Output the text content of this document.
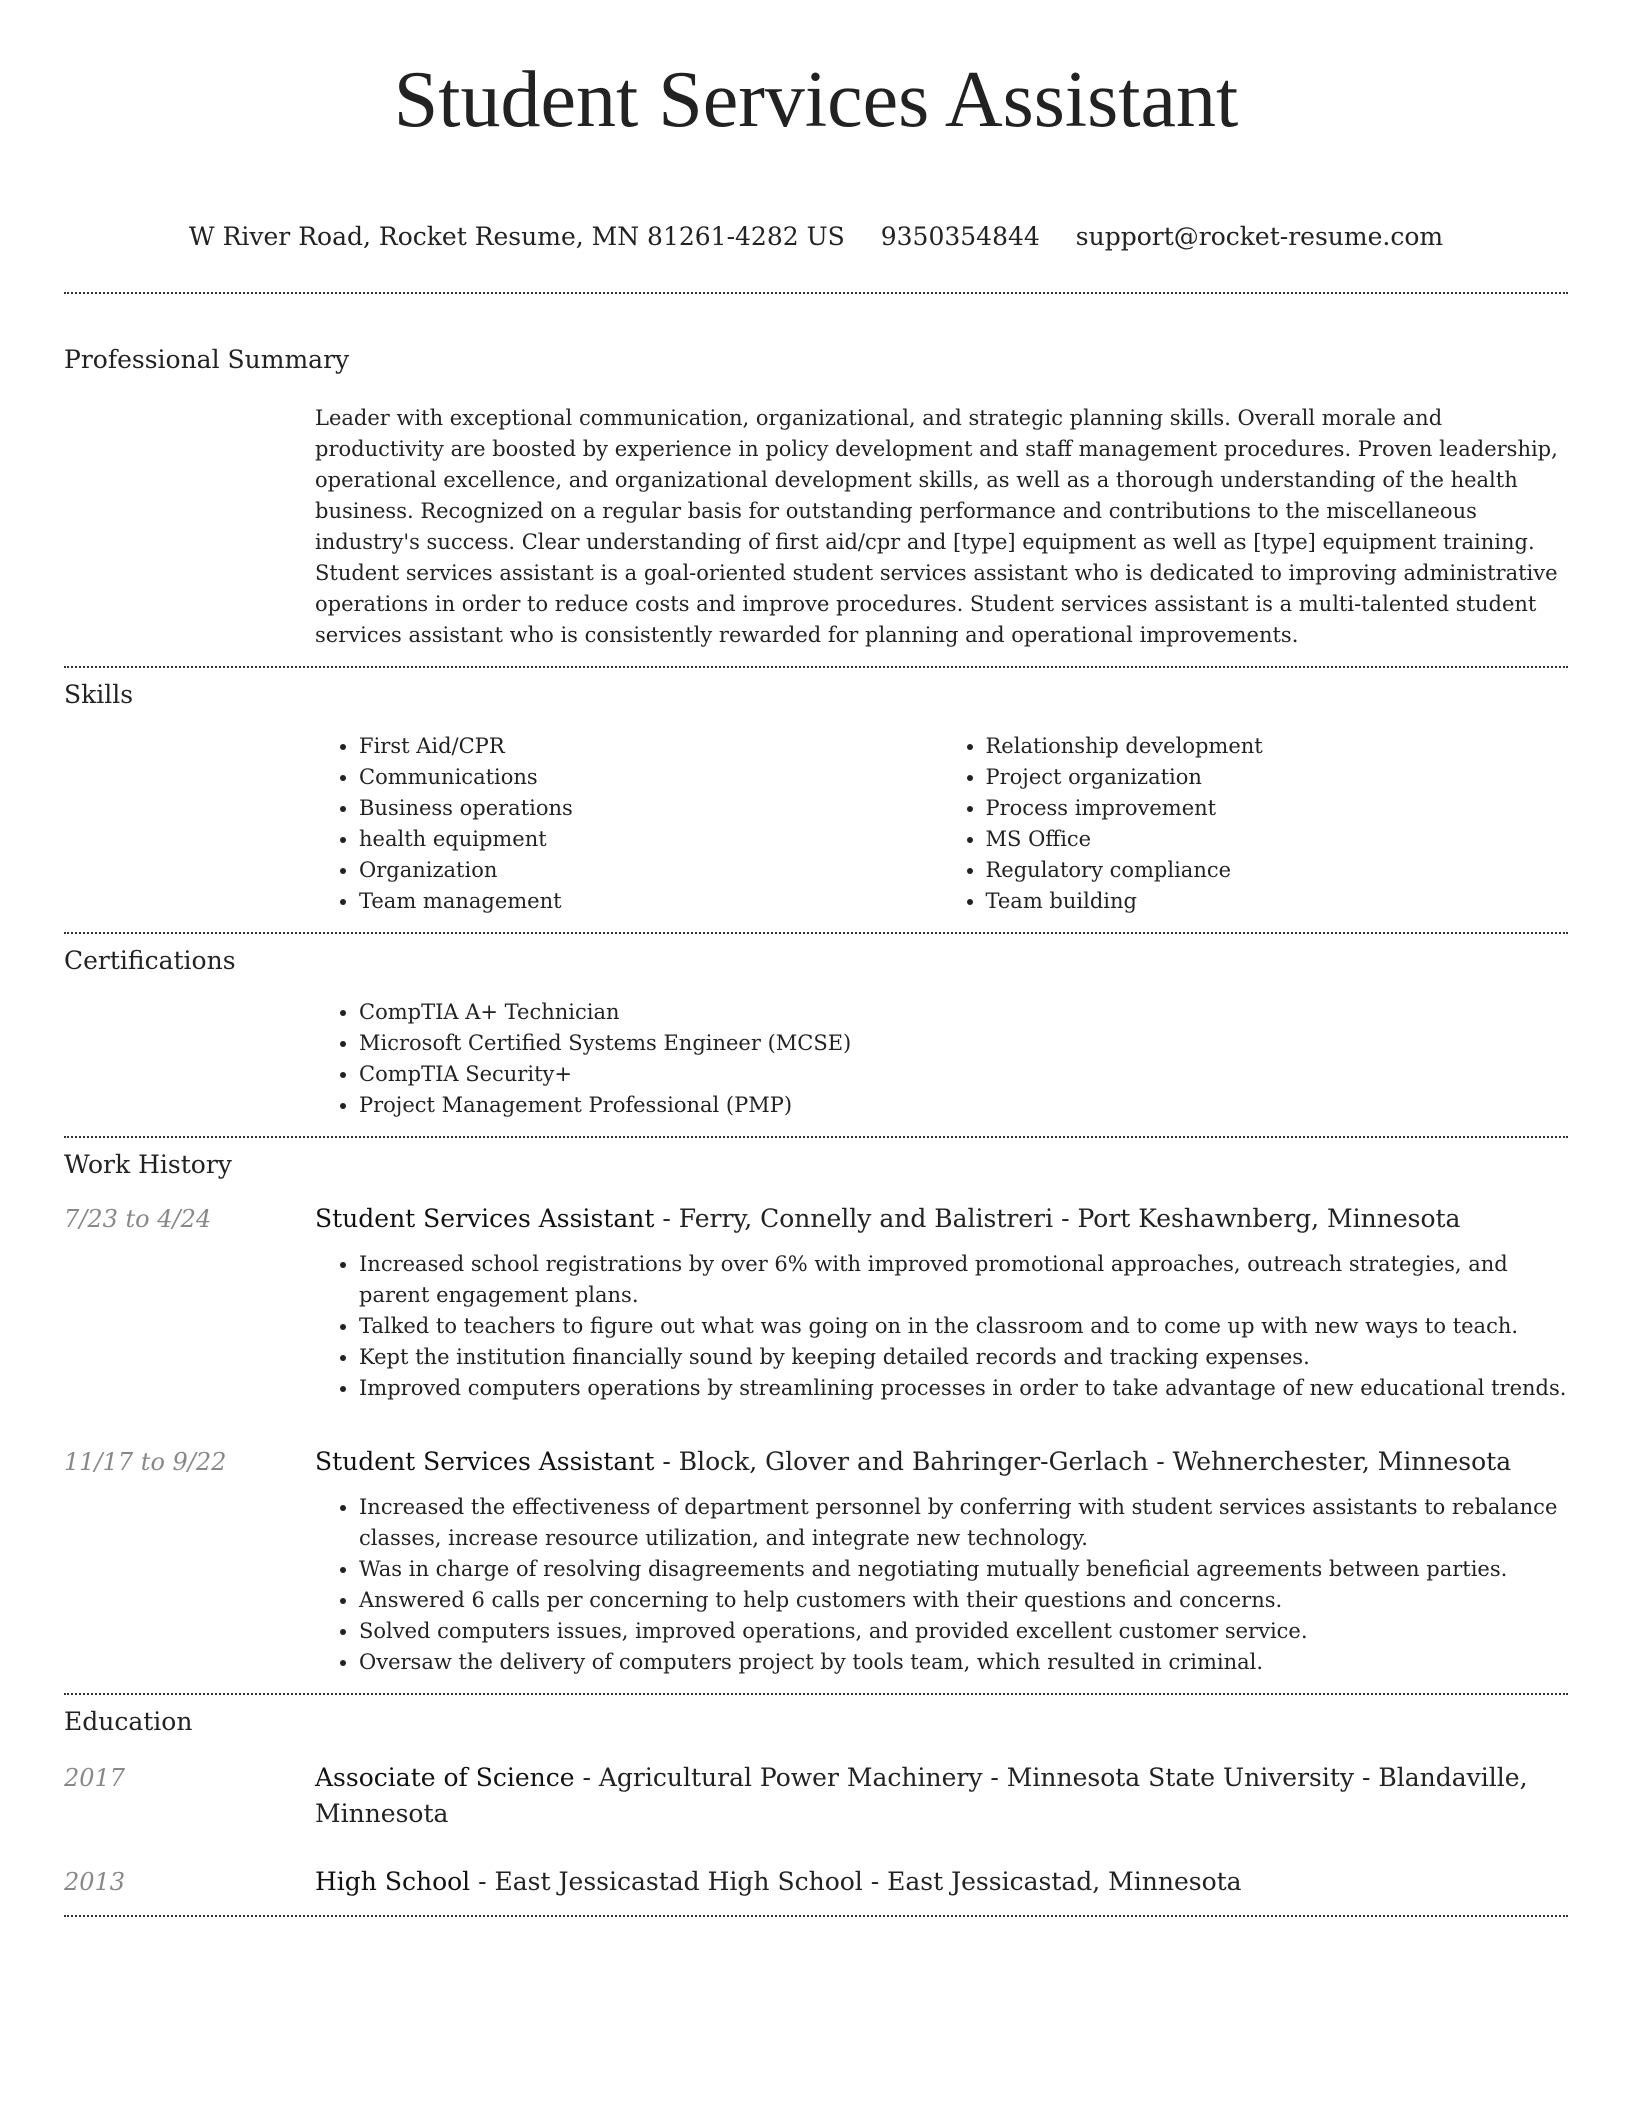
Student Services Assistant
W River Road, Rocket Resume, MN 81261-4282 US 9350354844 support@rocket-resume.com
Professional Summary

Leader with exceptional communication, organizational, and strategic planning skills. Overall morale and productivity are boosted by experience in policy development and staff management procedures. Proven leadership, operational excellence, and organizational development skills, as well as a thorough understanding of the health business. Recognized on a regular basis for outstanding performance and contributions to the miscellaneous industry's success. Clear understanding of first aid/cpr and [type] equipment as well as [type] equipment training. Student services assistant is a goal-oriented student services assistant who is dedicated to improving administrative operations in order to reduce costs and improve procedures. Student services assistant is a multi-talented student services assistant who is consistently rewarded for planning and operational improvements.

Skills
• First Aid/CPR
• Communications
• Business operations
• health equipment
• Organization
• Team management
• Relationship development
• Project organization
• Process improvement
• MS Office
• Regulatory compliance
• Team building
Certifications
• CompTIA A+ Technician
• Microsoft Certified Systems Engineer (MCSE)
• CompTIA Security+
• Project Management Professional (PMP)
Work History
7/23 to 4/24	Student Services Assistant - Ferry, Connelly and Balistreri - Port Keshawnberg, Minnesota
• Increased school registrations by over 6% with improved promotional approaches, outreach strategies, and parent engagement plans.
• Talked to teachers to figure out what was going on in the classroom and to come up with new ways to teach.
• Kept the institution financially sound by keeping detailed records and tracking expenses.
• Improved computers operations by streamlining processes in order to take advantage of new educational trends.
11/17 to 9/22	Student Services Assistant - Block, Glover and Bahringer-Gerlach - Wehnerchester, Minnesota
• Increased the effectiveness of department personnel by conferring with student services assistants to rebalance classes, increase resource utilization, and integrate new technology.
• Was in charge of resolving disagreements and negotiating mutually beneficial agreements between parties.
• Answered 6 calls per concerning to help customers with their questions and concerns.
• Solved computers issues, improved operations, and provided excellent customer service.
• Oversaw the delivery of computers project by tools team, which resulted in criminal.
Education
2017	Associate of Science - Agricultural Power Machinery - Minnesota State University - Blandaville, Minnesota
2013	High School - East Jessicastad High School - East Jessicastad, Minnesota
